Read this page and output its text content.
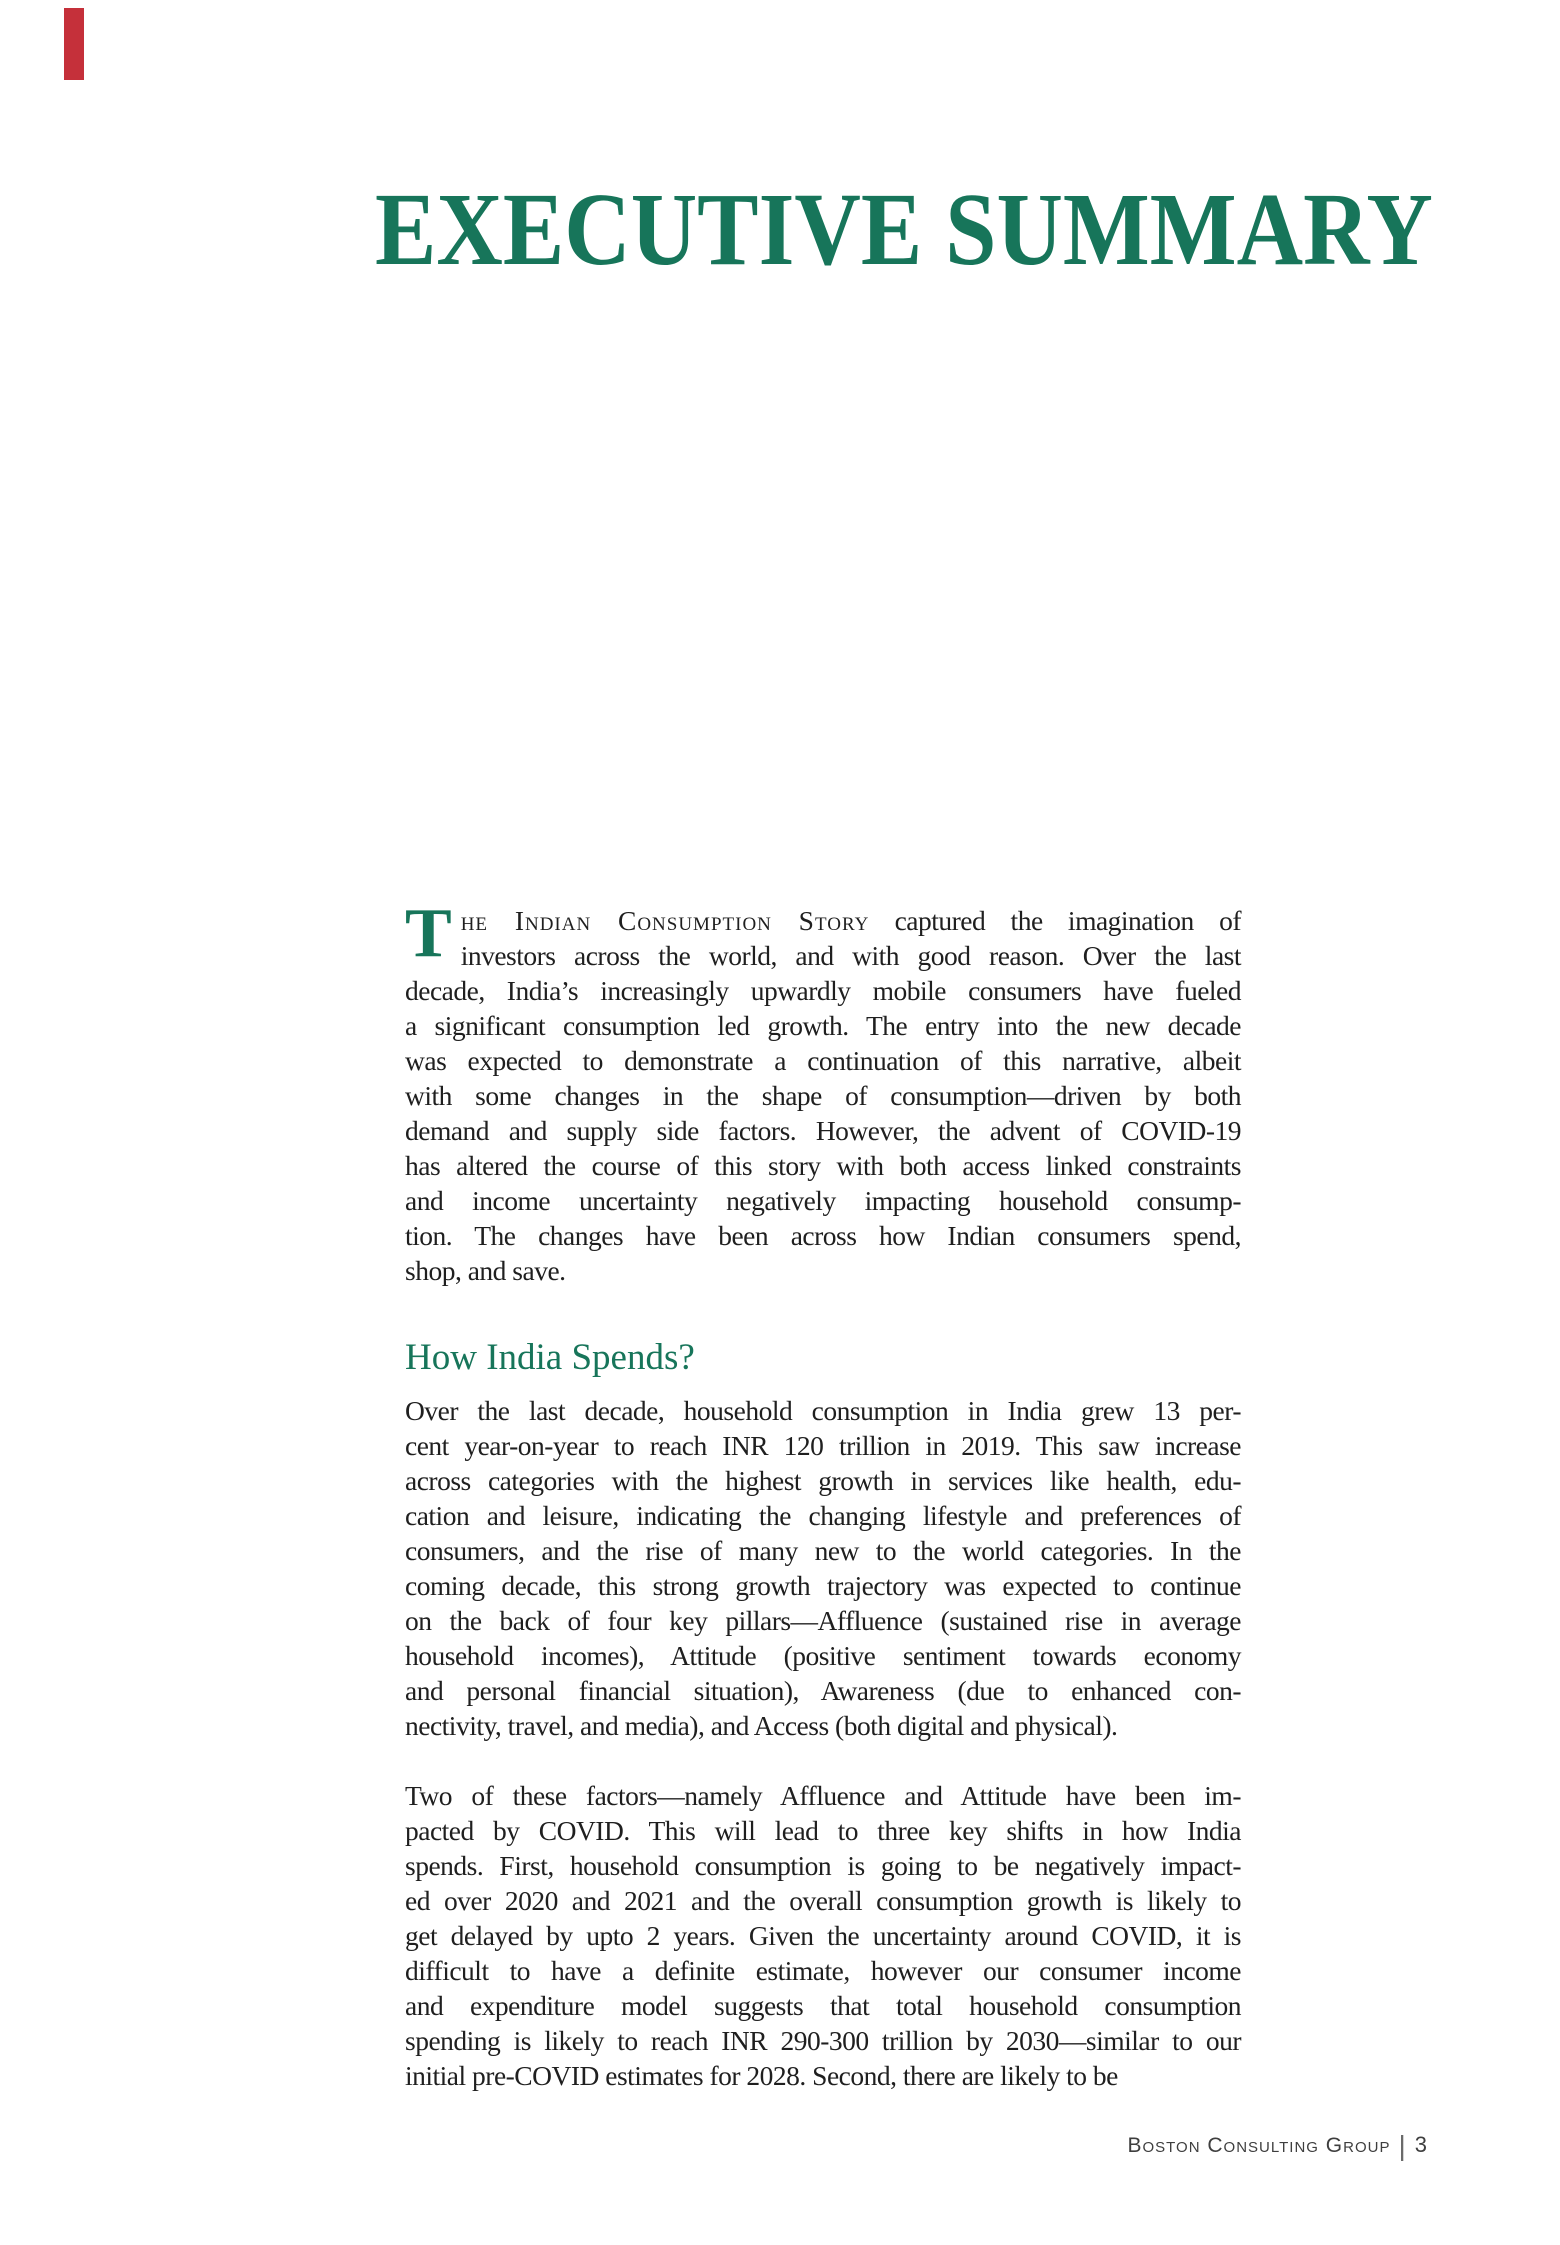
EXECUTIVE SUMMARY
T he Indian Consumption Story captured the imagination of
investors across the world, and with good reason. Over the last
decade, India’s increasingly upwardly mobile consumers have fueled
a significant consumption led growth. The entry into the new decade
was expected to demonstrate a continuation of this narrative, albeit
with some changes in the shape of consumption—driven by both
demand and supply side factors. However, the advent of COVID-19
has altered the course of this story with both access linked constraints
and income uncertainty negatively impacting household consump-
tion. The changes have been across how Indian consumers spend,
shop, and save.
How India Spends?
Over the last decade, household consumption in India grew 13 per-
cent year-on-year to reach INR 120 trillion in 2019. This saw increase
across categories with the highest growth in services like health, edu-
cation and leisure, indicating the changing lifestyle and preferences of
consumers, and the rise of many new to the world categories. In the
coming decade, this strong growth trajectory was expected to continue
on the back of four key pillars—Affluence (sustained rise in average
household incomes), Attitude (positive sentiment towards economy
and personal financial situation), Awareness (due to enhanced con-
nectivity, travel, and media), and Access (both digital and physical).
Two of these factors—namely Affluence and Attitude have been im-
pacted by COVID. This will lead to three key shifts in how India
spends. First, household consumption is going to be negatively impact-
ed over 2020 and 2021 and the overall consumption growth is likely to
get delayed by upto 2 years. Given the uncertainty around COVID, it is
difficult to have a definite estimate, however our consumer income
and expenditure model suggests that total household consumption
spending is likely to reach INR 290-300 trillion by 2030—similar to our
initial pre-COVID estimates for 2028. Second, there are likely to be
Boston Consulting Group | 3
